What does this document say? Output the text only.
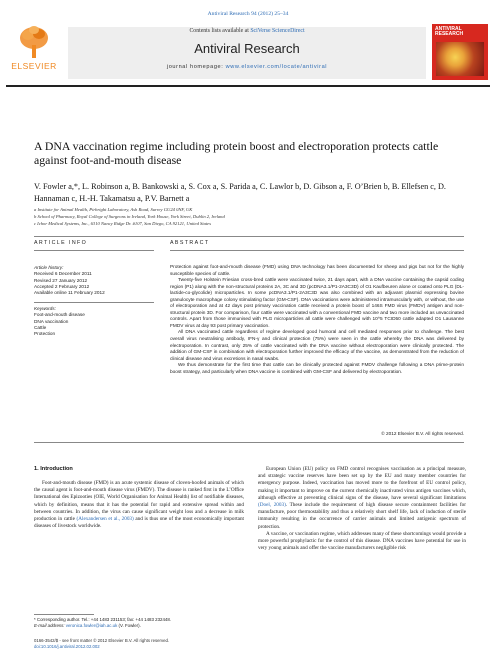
Antiviral Research 94 (2012) 25–34
ELSEVIER
Contents lists available at SciVerse ScienceDirect
Antiviral Research
journal homepage: www.elsevier.com/locate/antiviral
ANTIVIRAL RESEARCH
A DNA vaccination regime including protein boost and electroporation protects cattle against foot-and-mouth disease
V. Fowler a,*, L. Robinson a, B. Bankowski a, S. Cox a, S. Parida a, C. Lawlor b, D. Gibson a, F. O’Brien b, B. Ellefsen c, D. Hannaman c, H.-H. Takamatsu a, P.V. Barnett a
a Institute for Animal Health, Pirbright Laboratory, Ash Road, Surrey GU24 0NF, UK
b School of Pharmacy, Royal College of Surgeons in Ireland, York House, York Street, Dublin 2, Ireland
c Ichor Medical Systems, Inc., 6310 Nancy Ridge Dr. #107, San Diego, CA 92121, United States
ARTICLE INFO	ABSTRACT
Article history:
Received 6 December 2011
Revised 27 January 2012
Accepted 2 February 2012
Available online 11 February 2012
Keywords:
Foot-and-mouth disease
DNA vaccination
Cattle
Protection

Protection against foot-and-mouth disease (FMD) using DNA technology has been documented for sheep and pigs but not for the highly susceptible species of cattle.

Twenty-five Holstein Friesian cross-bred cattle were vaccinated twice, 21 days apart, with a DNA vaccine containing the capsid coding region (P1) along with the non-structural proteins 2A, 3C and 3D (pcDNA3.1/P1-2A3C3D) of O1 Kaufbeuren alone or coated onto PLG (DL-lactide-co-glycolide) microparticles. In some pcDNA3.1/P1-2A3C3D was also combined with an adjuvant plasmid expressing bovine granulocyte macrophage colony stimulating factor (GM-CSF). DNA vaccinations were administered intramuscularly with, or without, the use of electroporation and at 42 days post primary vaccination cattle received a protein boost of 146S FMD virus (FMDV) antigen and non-structural protein 3D. For comparison, four cattle were vaccinated with a conventional FMD vaccine and two more included as unvaccinated controls. Apart from those immunised with PLG microparticles all cattle were challenged with 10^5 TCID50 cattle adapted O1 Lausanne FMDV virus at day 93 post primary vaccination.

All DNA vaccinated cattle regardless of regime developed good humoral and cell mediated responses prior to challenge. The best overall virus neutralising antibody, IFN-γ and clinical protection (75%) were seen in the cattle whereby the DNA was delivered by electroporation. In contrast, only 25% of cattle vaccinated with the DNA vaccine without electroporation were clinically protected. The addition of GM-CSF in combination with electroporation further improved the efficacy of the vaccine, as demonstrated from the reduction of clinical disease and virus excretions in nasal swabs.

We thus demonstrate for the first time that cattle can be clinically protected against FMDV challenge following a DNA prime-protein boost strategy, and particularly when DNA vaccine is combined with GM-CSF and delivered by electroporation.

© 2012 Elsevier B.V. All rights reserved.
1. Introduction

Foot-and-mouth disease (FMD) is an acute systemic disease of cloven-hoofed animals of which the causal agent is foot-and-mouth disease virus (FMDV). The disease is ranked first in the L’Office International des Epizooties (OIE, World Organisation for Animal Health) list of notifiable diseases, which by definition, means that it has the potential for rapid and extensive spread within and between countries. In addition, the virus can cause significant weight loss and a decrease in milk production in cattle (Alexandersen et al., 2003) and is thus one of the most economically important diseases of livestock worldwide.

European Union (EU) policy on FMD control recognises vaccination as a principal measure, and strategic vaccine reserves have been set up by the EU and many member countries for emergency purpose. Indeed, vaccination has moved more to the forefront of EU control policy, making it important to improve on the current chemically inactivated virus antigen vaccines which, although effective at preventing clinical signs of the disease, have several significant limitations (Doel, 2003). These include the requirement of high disease secure containment facilities for manufacture, poor thermostability and thus a relatively short shelf life, lack of induction of sterile immunity resulting in the occurrence of carrier animals and limited antigenic spectrum of protection.

A vaccine, or vaccination regime, which addresses many of these shortcomings would provide a more powerful prophylactic for the control of this disease. DNA vaccines have potential for use in very young animals and offer the vaccine manufacturers negligible risk

* Corresponding author. Tel.: +44 1483 231153; fax: +44 1483 232448.
E-mail address: veronica.fowler@iah.ac.uk (V. Fowler).
0166-3542/$ - see front matter © 2012 Elsevier B.V. All rights reserved.
doi:10.1016/j.antiviral.2012.02.002
